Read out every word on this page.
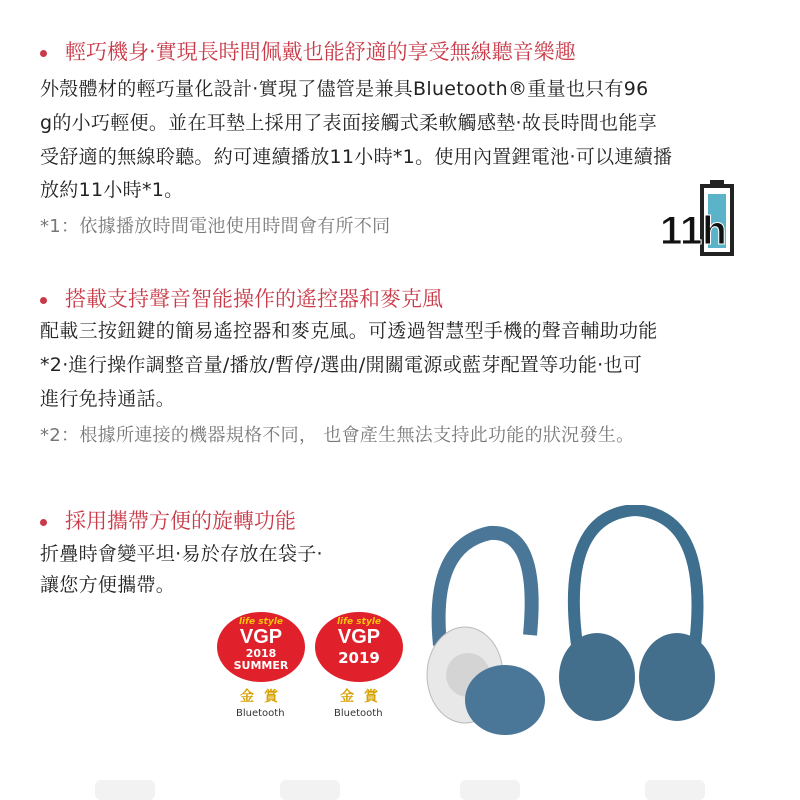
輕巧機身‧實現長時間佩戴也能舒適的享受無線聽音樂趣
外殼體材的輕巧量化設計‧實現了儘管是兼具Bluetooth®重量也只有96
g的小巧輕便。並在耳墊上採用了表面接觸式柔軟觸感墊‧故長時間也能享
受舒適的無線聆聽。約可連續播放11小時*1。使用內置鋰電池‧可以連續播
放約11小時*1。
*1：依據播放時間電池使用時間會有所不同	11h
搭載支持聲音智能操作的遙控器和麥克風
配載三按鈕鍵的簡易遙控器和麥克風。可透過智慧型手機的聲音輔助功能
*2‧進行操作調整音量/播放/暫停/選曲/開關電源或藍芽配置等功能‧也可
進行免持通話。
*2：根據所連接的機器規格不同， 也會產生無法支持此功能的狀況發生。
採用攜帶方便的旋轉功能
折疊時會變平坦‧易於存放在袋子‧
讓您方便攜帶。
life style
VGP
2018
SUMMER
金賞
Bluetooth
life style
VGP
2019
金賞
Bluetooth
